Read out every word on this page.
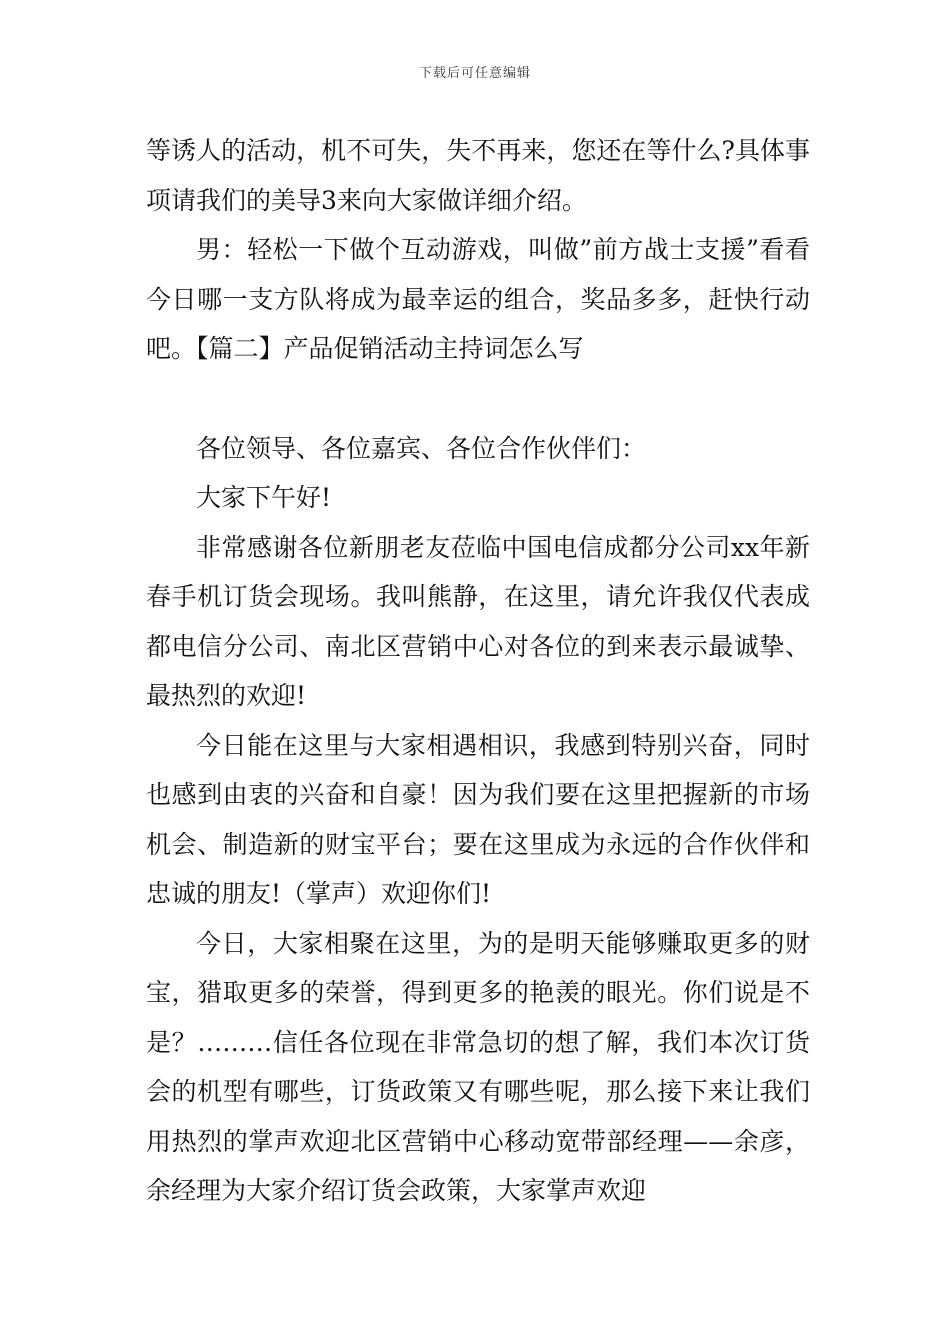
下载后可任意编辑

等诱人的活动，机不可失，失不再来，您还在等什么?具体事项请我们的美导3来向大家做详细介绍。

男：轻松一下做个互动游戏，叫做”前方战士支援”看看今日哪一支方队将成为最幸运的组合，奖品多多，赶快行动吧。【篇二】产品促销活动主持词怎么写

各位领导、各位嘉宾、各位合作伙伴们：

大家下午好!

非常感谢各位新朋老友莅临中国电信成都分公司xx年新春手机订货会现场。我叫熊静，在这里，请允许我仅代表成都电信分公司、南北区营销中心对各位的到来表示最诚挚、最热烈的欢迎!

今日能在这里与大家相遇相识，我感到特别兴奋，同时也感到由衷的兴奋和自豪！因为我们要在这里把握新的市场机会、制造新的财宝平台；要在这里成为永远的合作伙伴和忠诚的朋友!（掌声）欢迎你们!

今日，大家相聚在这里，为的是明天能够赚取更多的财宝，猎取更多的荣誉，得到更多的艳羡的眼光。你们说是不是？………信任各位现在非常急切的想了解，我们本次订货会的机型有哪些，订货政策又有哪些呢，那么接下来让我们用热烈的掌声欢迎北区营销中心移动宽带部经理——余彦，余经理为大家介绍订货会政策，大家掌声欢迎
